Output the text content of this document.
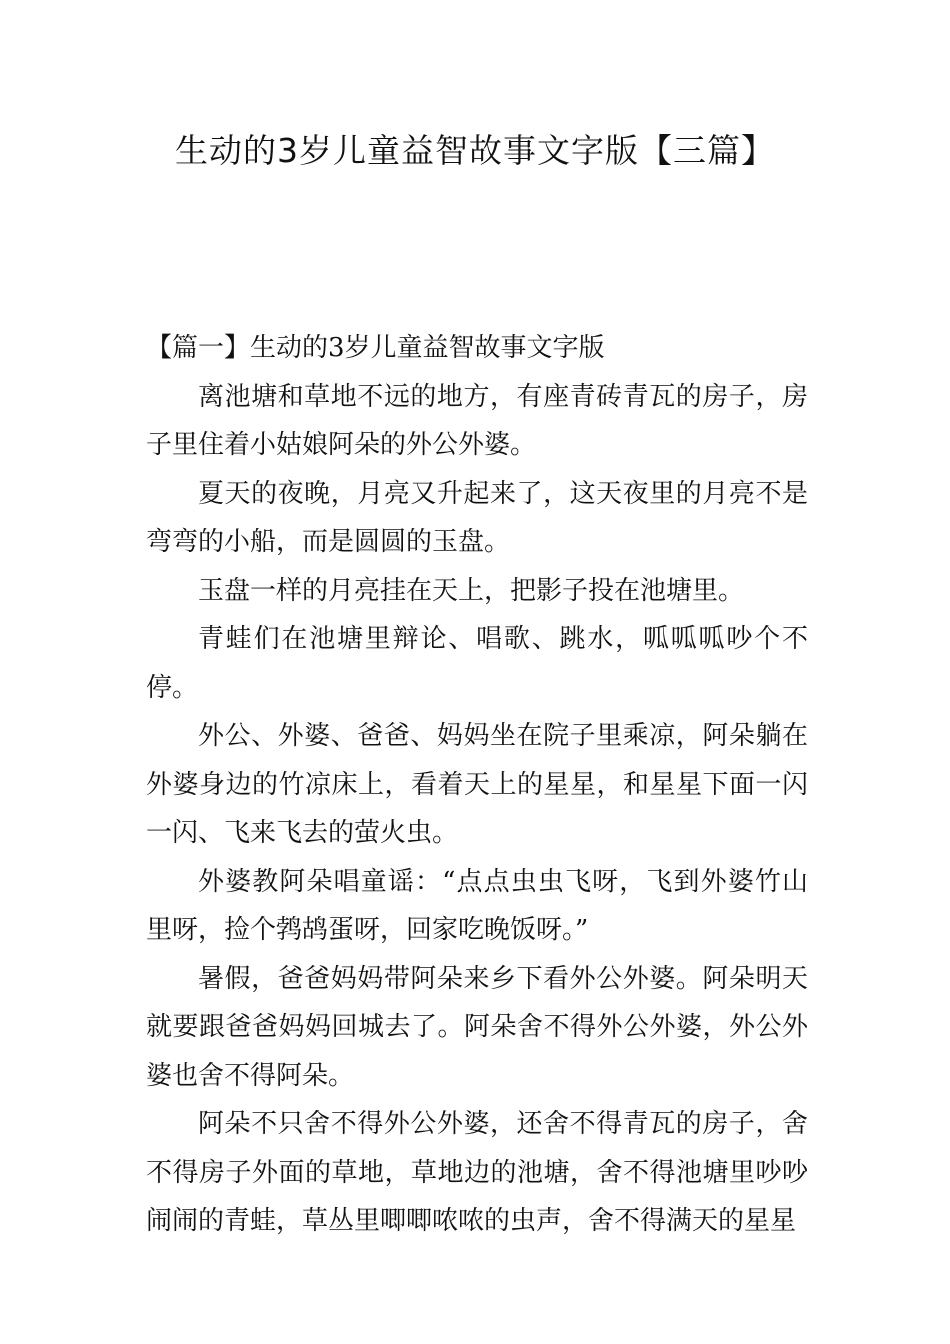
生动的3岁儿童益智故事文字版【三篇】
【篇一】生动的3岁儿童益智故事文字版

离池塘和草地不远的地方，有座青砖青瓦的房子，房子里住着小姑娘阿朵的外公外婆。

夏天的夜晚，月亮又升起来了，这天夜里的月亮不是弯弯的小船，而是圆圆的玉盘。

玉盘一样的月亮挂在天上，把影子投在池塘里。

青蛙们在池塘里辩论、唱歌、跳水，呱呱呱吵个不停。

外公、外婆、爸爸、妈妈坐在院子里乘凉，阿朵躺在外婆身边的竹凉床上，看着天上的星星，和星星下面一闪一闪、飞来飞去的萤火虫。

外婆教阿朵唱童谣：“点点虫虫飞呀，飞到外婆竹山里呀，捡个鹁鸪蛋呀，回家吃晚饭呀。”

暑假，爸爸妈妈带阿朵来乡下看外公外婆。阿朵明天就要跟爸爸妈妈回城去了。阿朵舍不得外公外婆，外公外婆也舍不得阿朵。

阿朵不只舍不得外公外婆，还舍不得青瓦的房子，舍不得房子外面的草地，草地边的池塘，舍不得池塘里吵吵闹闹的青蛙，草丛里唧唧哝哝的虫声，舍不得满天的星星
